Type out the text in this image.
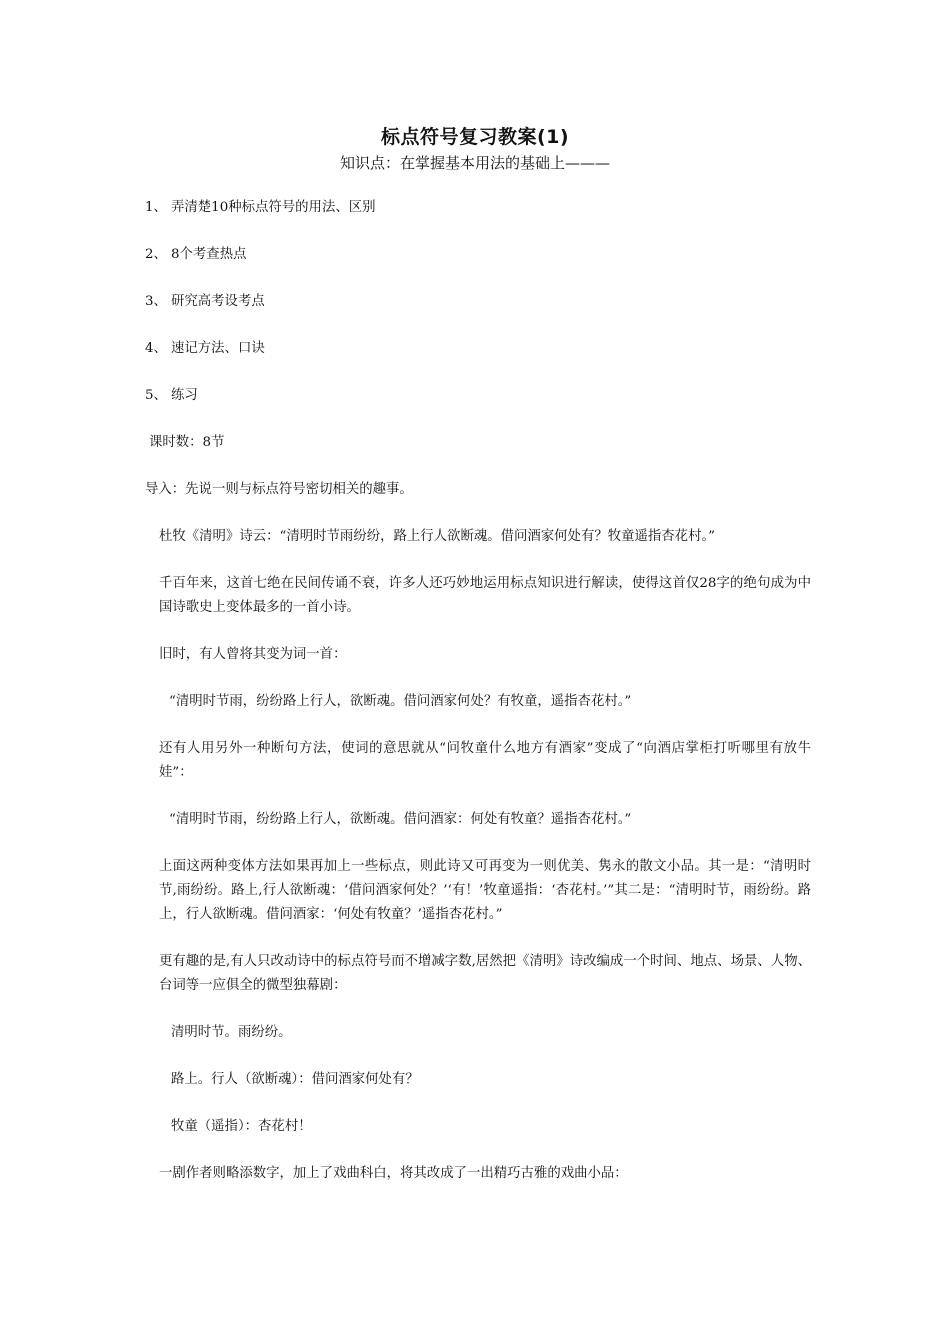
标点符号复习教案(1)
知识点：在掌握基本用法的基础上———
1、 弄清楚10种标点符号的用法、区别
2、 8个考查热点
3、 研究高考设考点
4、 速记方法、口诀
5、 练习
课时数：8节
导入：先说一则与标点符号密切相关的趣事。
杜牧《清明》诗云：“清明时节雨纷纷，路上行人欲断魂。借问酒家何处有？牧童遥指杏花村。”
千百年来，这首七绝在民间传诵不衰，许多人还巧妙地运用标点知识进行解读，使得这首仅28字的绝句成为中国诗歌史上变体最多的一首小诗。
旧时，有人曾将其变为词一首：
“清明时节雨，纷纷路上行人，欲断魂。借问酒家何处？有牧童，遥指杏花村。”
还有人用另外一种断句方法，使词的意思就从“问牧童什么地方有酒家”变成了“向酒店掌柜打听哪里有放牛娃”：
“清明时节雨，纷纷路上行人，欲断魂。借问酒家：何处有牧童？遥指杏花村。”
上面这两种变体方法如果再加上一些标点，则此诗又可再变为一则优美、隽永的散文小品。其一是：“清明时节,雨纷纷。路上,行人欲断魂：‘借问酒家何处？’‘有！’牧童遥指：‘杏花村。’”其二是：“清明时节，雨纷纷。路上，行人欲断魂。借问酒家：‘何处有牧童？’遥指杏花村。”
更有趣的是,有人只改动诗中的标点符号而不增减字数,居然把《清明》诗改编成一个时间、地点、场景、人物、台词等一应俱全的微型独幕剧：
清明时节。雨纷纷。
路上。行人（欲断魂）：借问酒家何处有？
牧童（遥指）：杏花村！
一剧作者则略添数字，加上了戏曲科白，将其改成了一出精巧古雅的戏曲小品：
